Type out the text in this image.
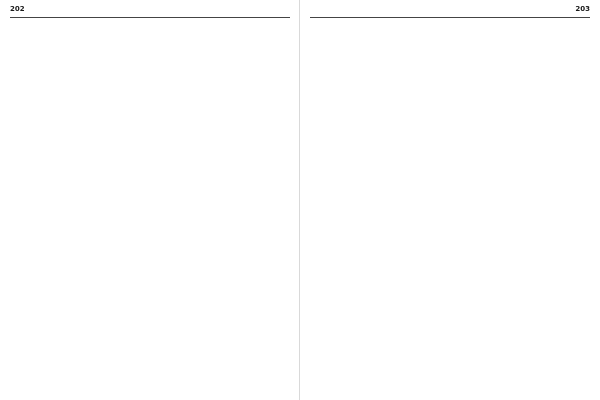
202	203
